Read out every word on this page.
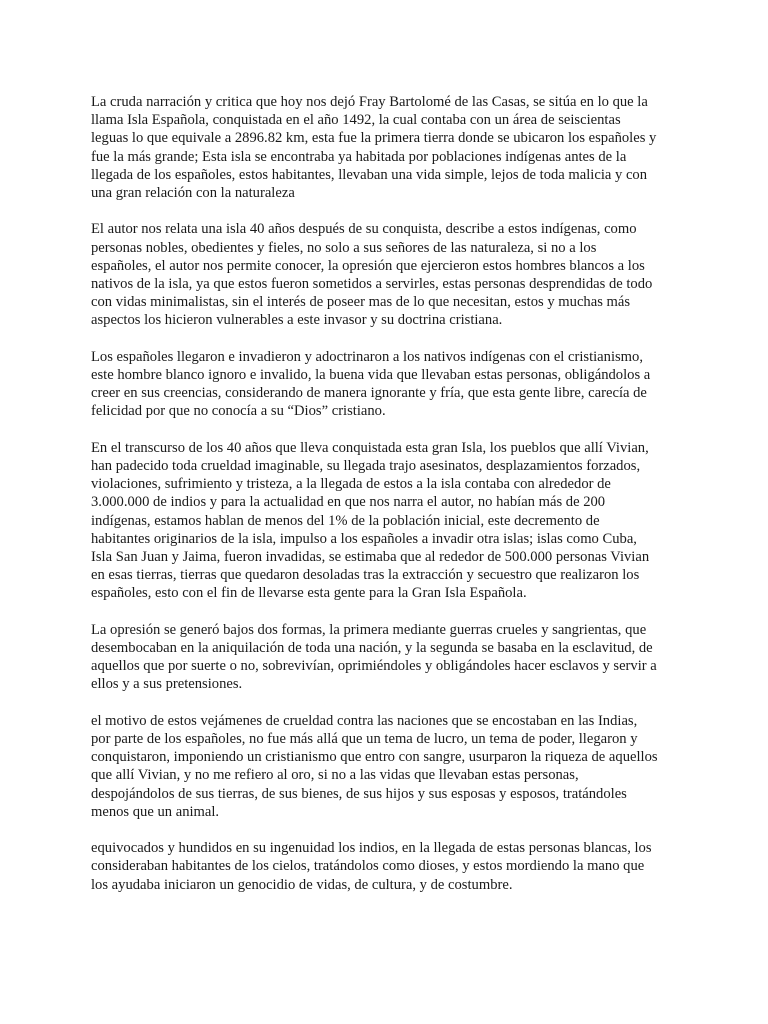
La cruda narración y critica que hoy nos dejó Fray Bartolomé de las Casas, se sitúa en lo que la
llama Isla Española, conquistada en el año 1492, la cual contaba con un área de seiscientas
leguas lo que equivale a 2896.82 km, esta fue la primera tierra donde se ubicaron los españoles y
fue la más grande; Esta isla se encontraba ya habitada por poblaciones indígenas antes de la
llegada de los españoles, estos habitantes, llevaban una vida simple, lejos de toda malicia y con
una gran relación con la naturaleza

El autor nos relata una isla 40 años después de su conquista, describe a estos indígenas, como
personas nobles, obedientes y fieles, no solo a sus señores de las naturaleza, si no a los
españoles, el autor nos permite conocer, la opresión que ejercieron estos hombres blancos a los
nativos de la isla, ya que estos fueron sometidos a servirles, estas personas desprendidas de todo
con vidas minimalistas, sin el interés de poseer mas de lo que necesitan, estos y muchas más
aspectos los hicieron vulnerables a este invasor y su doctrina cristiana.

Los españoles llegaron e invadieron y adoctrinaron a los nativos indígenas con el cristianismo,
este hombre blanco ignoro e invalido, la buena vida que llevaban estas personas, obligándolos a
creer en sus creencias, considerando de manera ignorante y fría, que esta gente libre, carecía de
felicidad por que no conocía a su “Dios” cristiano.

En el transcurso de los 40 años que lleva conquistada esta gran Isla, los pueblos que allí Vivian,
han padecido toda crueldad imaginable, su llegada trajo asesinatos, desplazamientos forzados,
violaciones, sufrimiento y tristeza, a la llegada de estos a la isla contaba con alrededor de
3.000.000 de indios y para la actualidad en que nos narra el autor, no habían más de 200
indígenas, estamos hablan de menos del 1% de la población inicial, este decremento de
habitantes originarios de la isla, impulso a los españoles a invadir otra islas; islas como Cuba,
Isla San Juan y Jaima, fueron invadidas, se estimaba que al rededor de 500.000 personas Vivian
en esas tierras, tierras que quedaron desoladas tras la extracción y secuestro que realizaron los
españoles, esto con el fin de llevarse esta gente para la Gran Isla Española.

La opresión se generó bajos dos formas, la primera mediante guerras crueles y sangrientas, que
desembocaban en la aniquilación de toda una nación, y la segunda se basaba en la esclavitud, de
aquellos que por suerte o no, sobrevivían, oprimiéndoles y obligándoles hacer esclavos y servir a
ellos y a sus pretensiones.

el motivo de estos vejámenes de crueldad contra las naciones que se encostaban en las Indias,
por parte de los españoles, no fue más allá que un tema de lucro, un tema de poder, llegaron y
conquistaron, imponiendo un cristianismo que entro con sangre, usurparon la riqueza de aquellos
que allí Vivian, y no me refiero al oro, si no a las vidas que llevaban estas personas,
despojándolos de sus tierras, de sus bienes, de sus hijos y sus esposas y esposos, tratándoles
menos que un animal.

equivocados y hundidos en su ingenuidad los indios, en la llegada de estas personas blancas, los
consideraban habitantes de los cielos, tratándolos como dioses, y estos mordiendo la mano que
los ayudaba iniciaron un genocidio de vidas, de cultura, y de costumbre.
